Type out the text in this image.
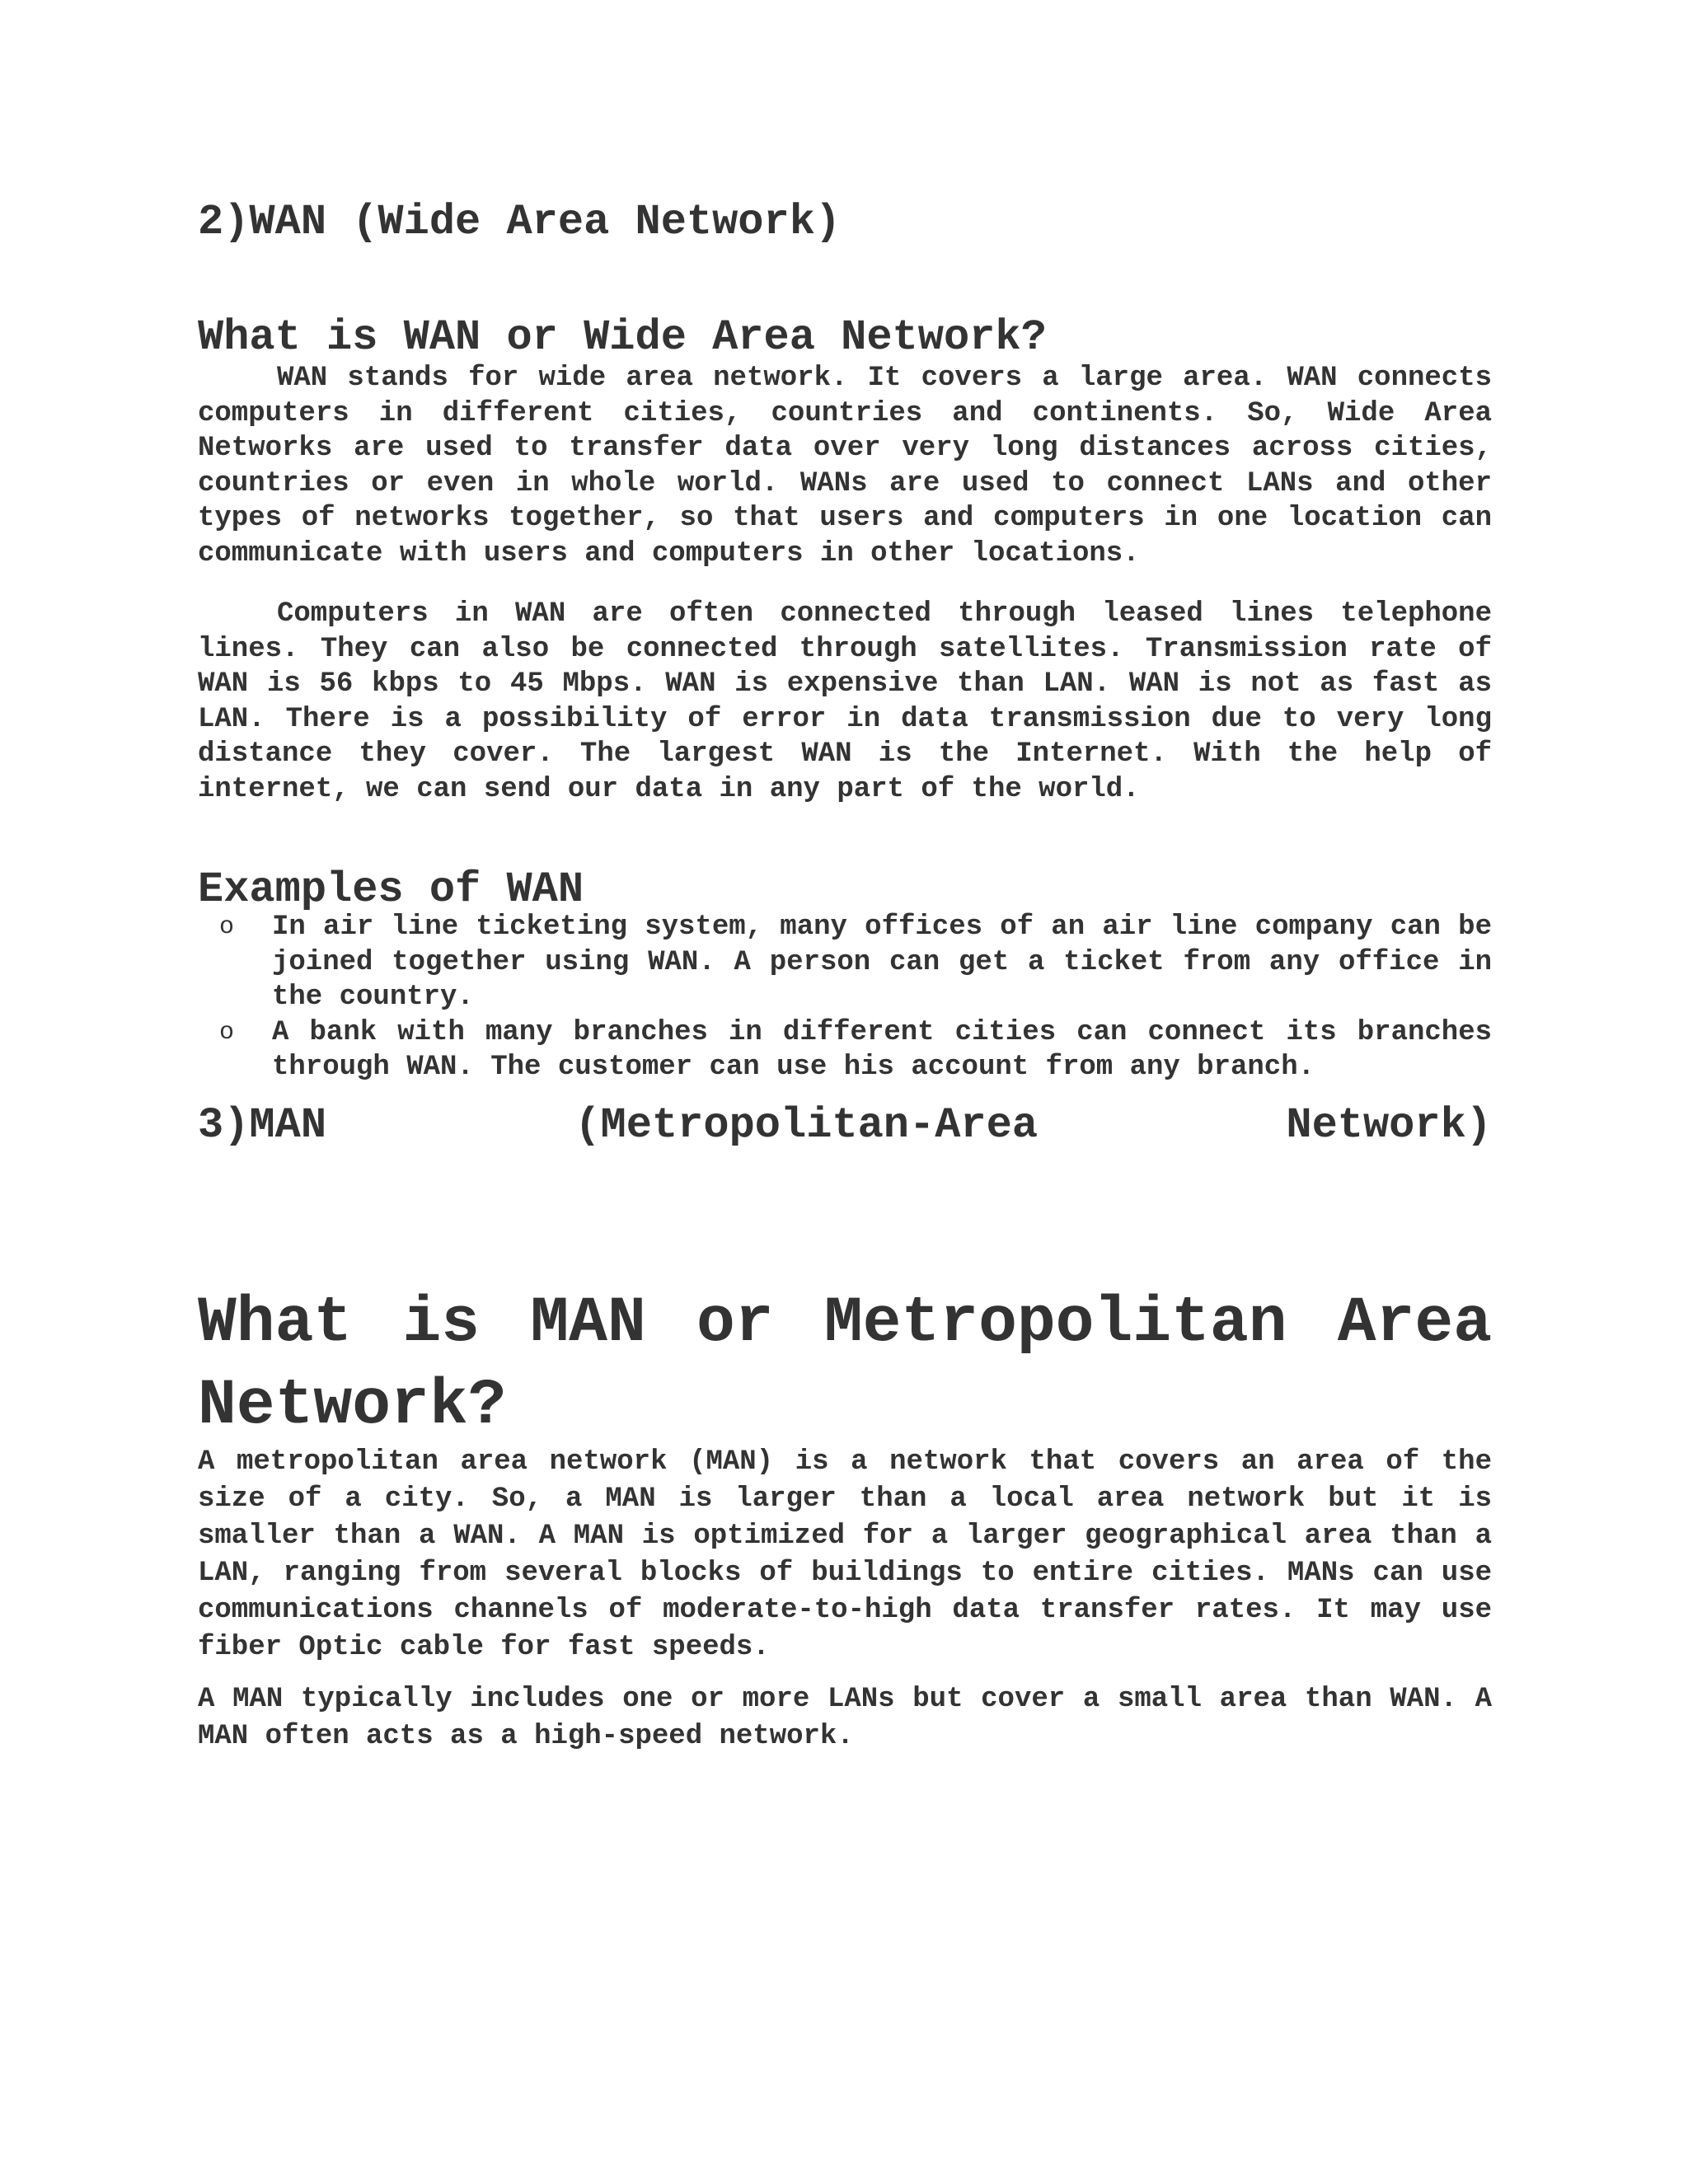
2)WAN (Wide Area Network)
What is WAN or Wide Area Network?

WAN stands for wide area network. It covers a large area. WAN connects computers in different cities, countries and continents. So, Wide Area Networks are used to transfer data over very long distances across cities, countries or even in whole world. WANs are used to connect LANs and other types of networks together, so that users and computers in one location can communicate with users and computers in other locations.

Computers in WAN are often connected through leased lines telephone lines. They can also be connected through satellites. Transmission rate of WAN is 56 kbps to 45 Mbps. WAN is expensive than LAN. WAN is not as fast as LAN. There is a possibility of error in data transmission due to very long distance they cover. The largest WAN is the Internet. With the help of internet, we can send our data in any part of the world.

Examples of WAN
o In air line ticketing system, many offices of an air line company can be joined together using WAN. A person can get a ticket from any office in the country.
o A bank with many branches in different cities can connect its branches through WAN. The customer can use his account from any branch.
3)MAN	(Metropolitan-Area	Network)
What is MAN or Metropolitan Area Network?

A metropolitan area network (MAN) is a network that covers an area of the size of a city. So, a MAN is larger than a local area network but it is smaller than a WAN. A MAN is optimized for a larger geographical area than a LAN, ranging from several blocks of buildings to entire cities. MANs can use communications channels of moderate-to-high data transfer rates. It may use fiber Optic cable for fast speeds.

A MAN typically includes one or more LANs but cover a small area than WAN. A MAN often acts as a high-speed network.
